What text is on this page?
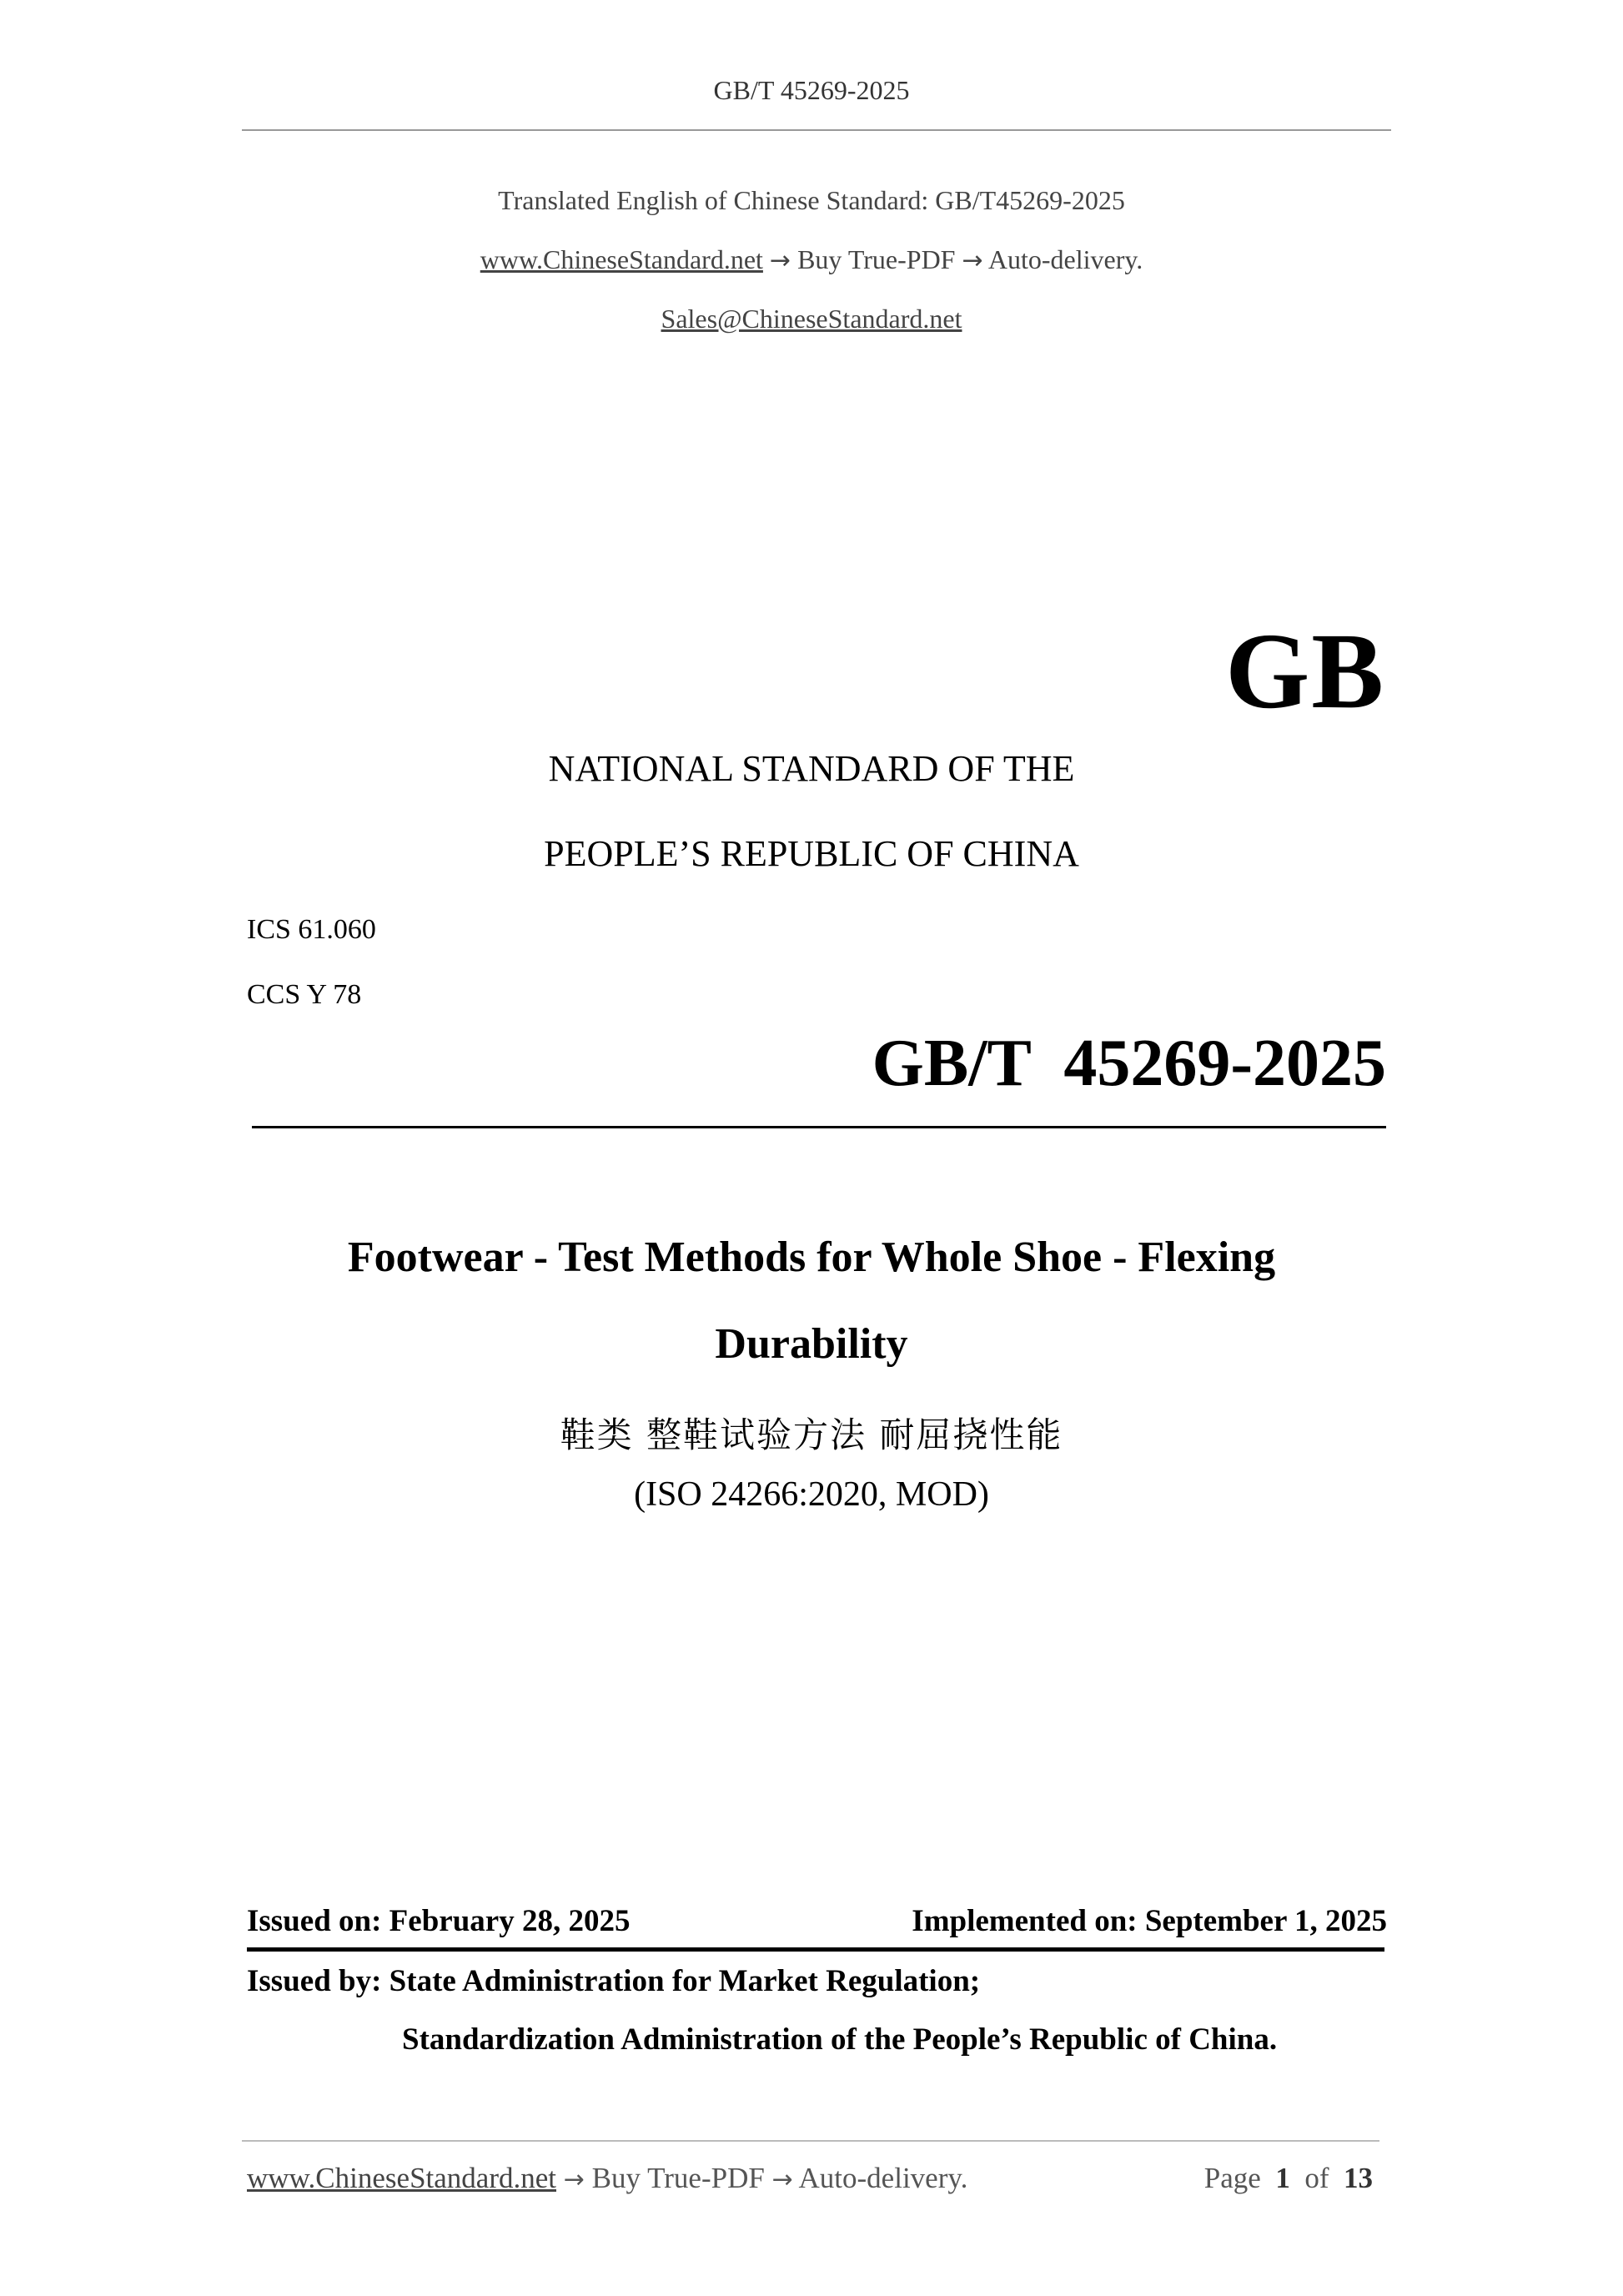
GB/T 45269-2025
Translated English of Chinese Standard: GB/T45269-2025
www.ChineseStandard.net → Buy True-PDF → Auto-delivery.
Sales@ChineseStandard.net
GB
NATIONAL STANDARD OF THE
PEOPLE’S REPUBLIC OF CHINA
ICS 61.060
CCS Y 78
GB/T  45269-2025
Footwear - Test Methods for Whole Shoe - Flexing
Durability
鞋类 整鞋试验方法 耐屈挠性能
(ISO 24266:2020, MOD)
Issued on: February 28, 2025	Implemented on: September 1, 2025
Issued by: State Administration for Market Regulation;
Standardization Administration of the People’s Republic of China.
www.ChineseStandard.net → Buy True-PDF → Auto-delivery.	Page 1 of 13
